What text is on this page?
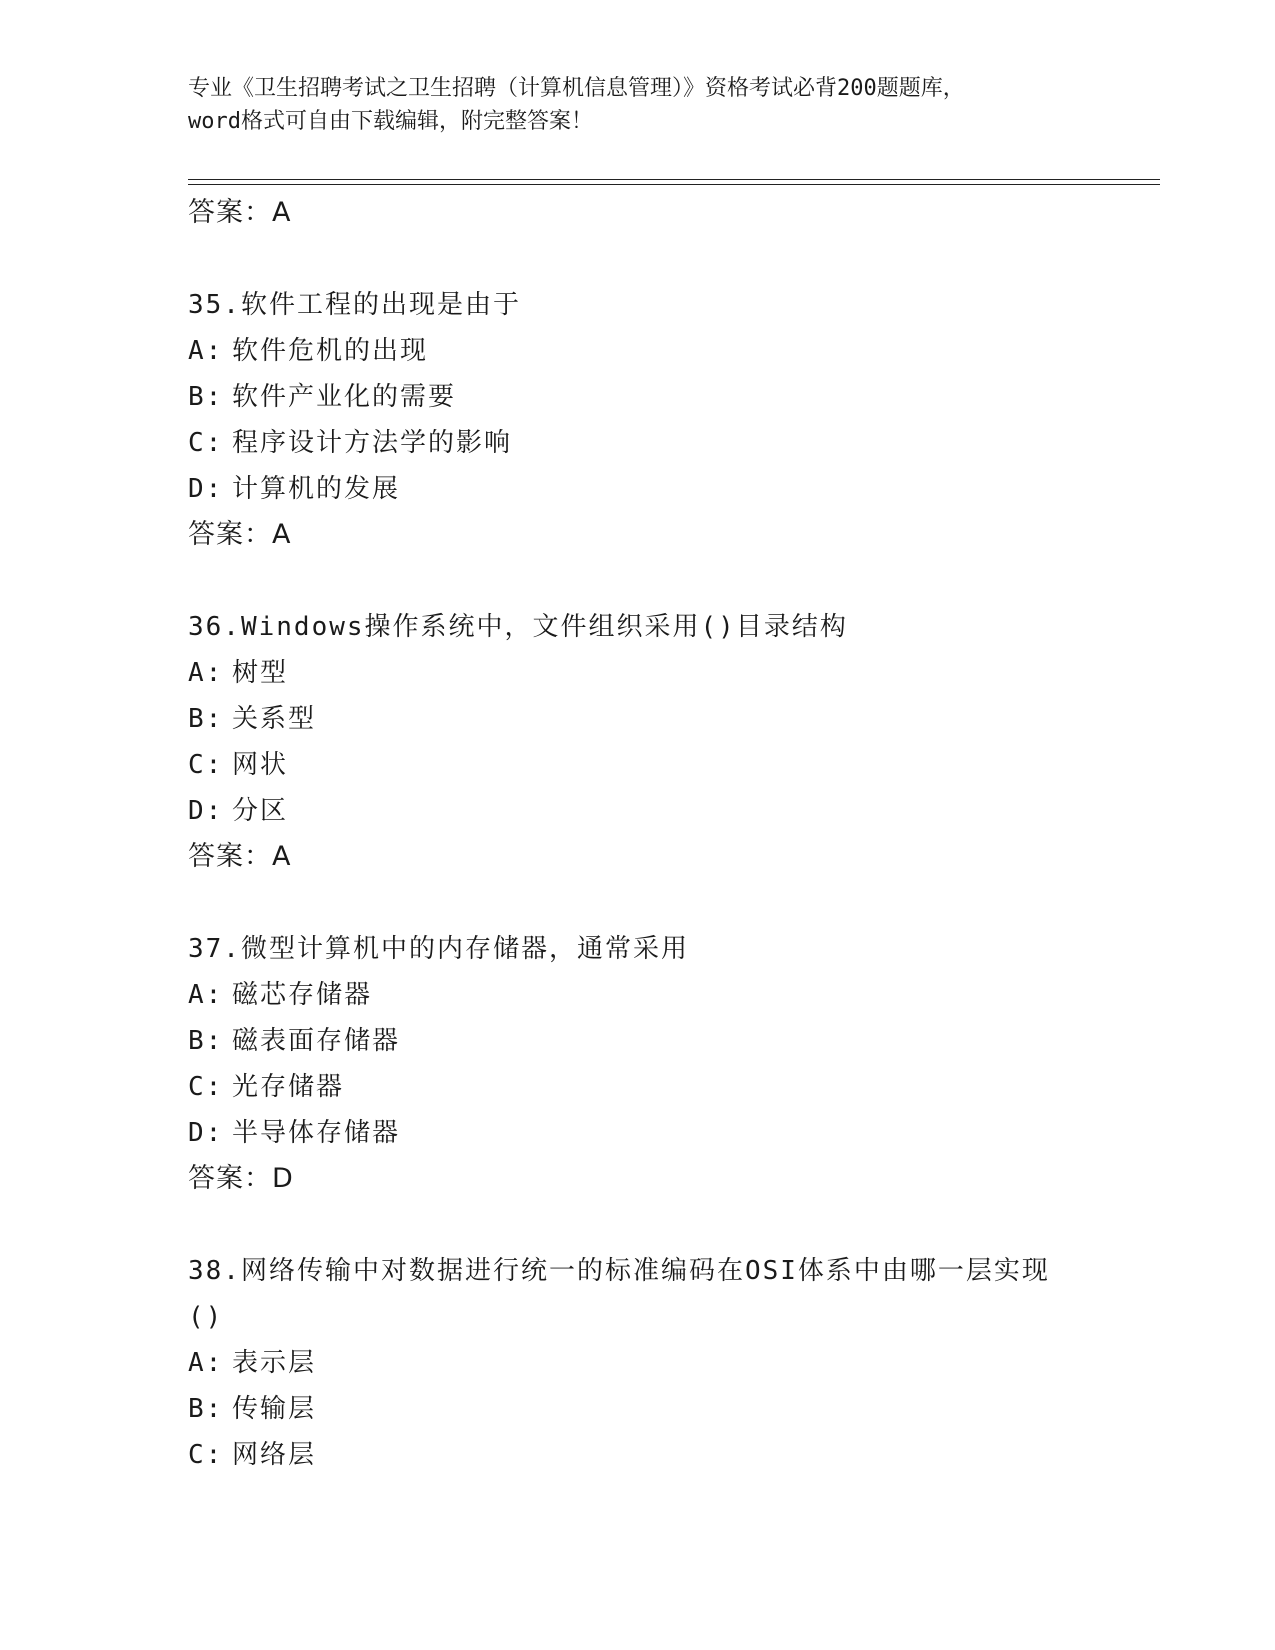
专业《卫生招聘考试之卫生招聘（计算机信息管理）》资格考试必背200题题库，
word格式可自由下载编辑，附完整答案！
答案：A
35.软件工程的出现是由于
A: 软件危机的出现
B: 软件产业化的需要
C: 程序设计方法学的影响
D: 计算机的发展
答案：A
36.Windows操作系统中，文件组织采用()目录结构
A: 树型
B: 关系型
C: 网状
D: 分区
答案：A
37.微型计算机中的内存储器，通常采用
A: 磁芯存储器
B: 磁表面存储器
C: 光存储器
D: 半导体存储器
答案：D
38.网络传输中对数据进行统一的标准编码在OSI体系中由哪一层实现
()
A: 表示层
B: 传输层
C: 网络层
